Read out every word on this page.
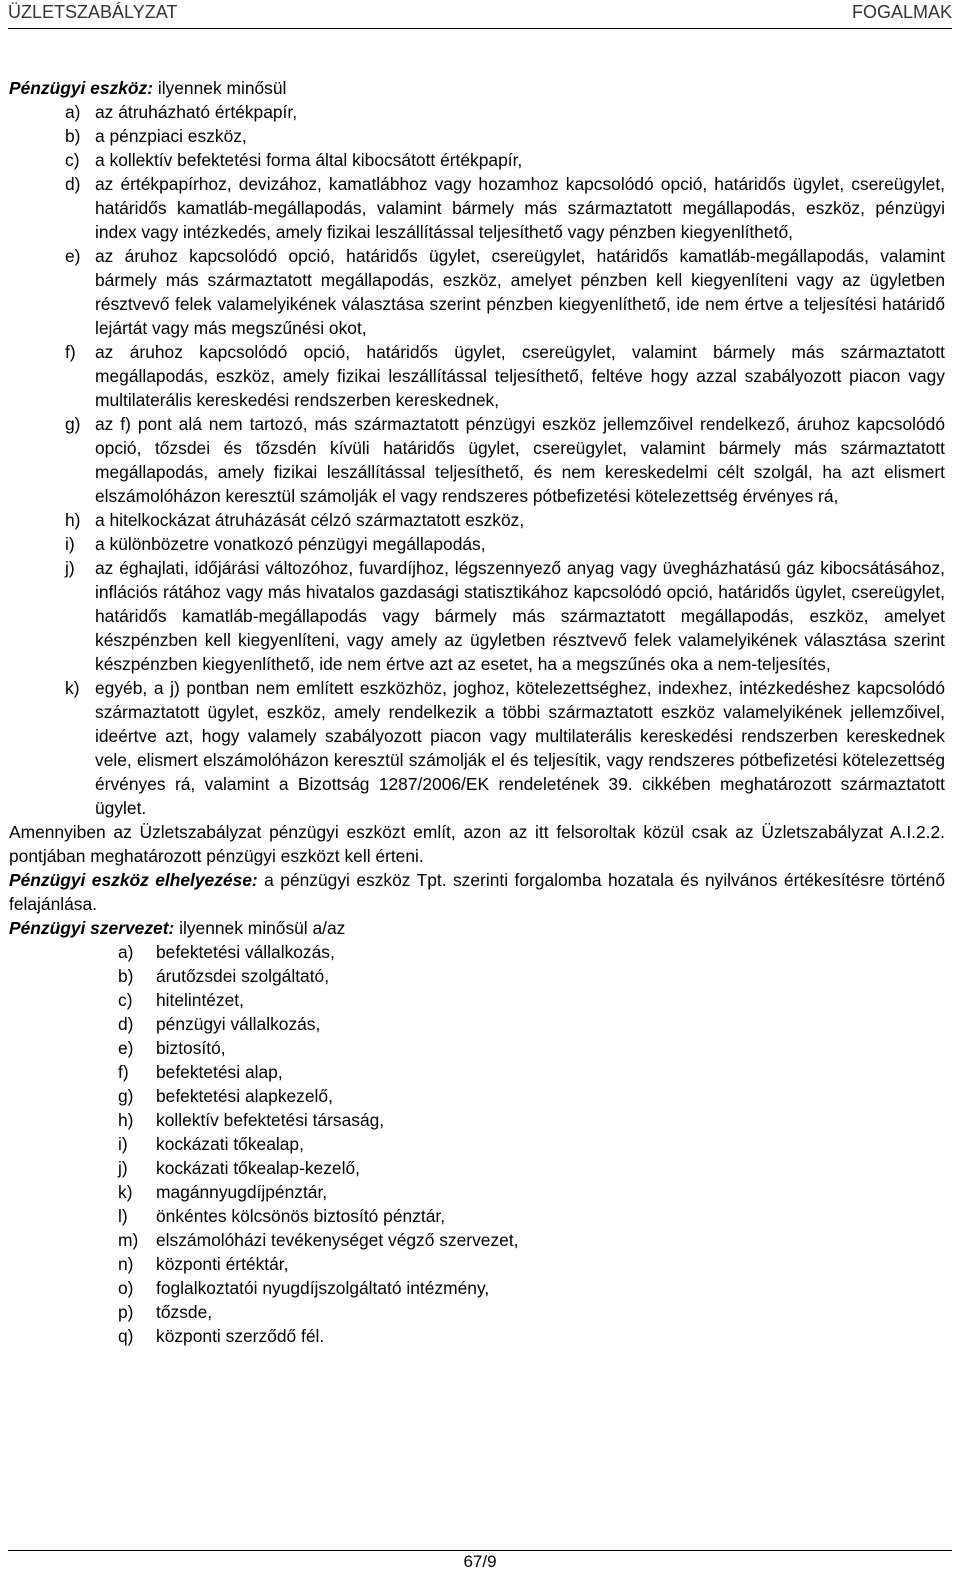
ÜZLETSZABÁLYZAT	FOGALMAK

Pénzügyi eszköz: ilyennek minősül

a) az átruházható értékpapír,
b) a pénzpiaci eszköz,
c) a kollektív befektetési forma által kibocsátott értékpapír,
d) az értékpapírhoz, devizához, kamatlábhoz vagy hozamhoz kapcsolódó opció, határidős ügylet, csereügylet, határidős kamatláb-megállapodás, valamint bármely más származtatott megállapodás, eszköz, pénzügyi index vagy intézkedés, amely fizikai leszállítással teljesíthető vagy pénzben kiegyenlíthető,
e) az áruhoz kapcsolódó opció, határidős ügylet, csereügylet, határidős kamatláb-megállapodás, valamint bármely más származtatott megállapodás, eszköz, amelyet pénzben kell kiegyenlíteni vagy az ügyletben résztvevő felek valamelyikének választása szerint pénzben kiegyenlíthető, ide nem értve a teljesítési határidő lejártát vagy más megszűnési okot,
f)	az áruhoz kapcsolódó opció, határidős ügylet, csereügylet, valamint bármely más származtatott megállapodás, eszköz, amely fizikai leszállítással teljesíthető, feltéve hogy azzal szabályozott piacon vagy multilaterális kereskedési rendszerben kereskednek,
g) az f) pont alá nem tartozó, más származtatott pénzügyi eszköz jellemzőivel rendelkező, áruhoz kapcsolódó opció, tőzsdei és tőzsdén kívüli határidős ügylet, csereügylet, valamint bármely más származtatott megállapodás, amely fizikai leszállítással teljesíthető, és nem kereskedelmi célt szolgál, ha azt elismert elszámolóházon keresztül számolják el vagy rendszeres pótbefizetési kötelezettség érvényes rá,
h) a hitelkockázat átruházását célzó származtatott eszköz,
i)	a különbözetre vonatkozó pénzügyi megállapodás,
j)	az éghajlati, időjárási változóhoz, fuvardíjhoz, légszennyező anyag vagy üvegházhatású gáz kibocsátásához, inflációs rátához vagy más hivatalos gazdasági statisztikához kapcsolódó opció, határidős ügylet, csereügylet, határidős kamatláb-megállapodás vagy bármely más származtatott megállapodás, eszköz, amelyet készpénzben kell kiegyenlíteni, vagy amely az ügyletben résztvevő felek valamelyikének választása szerint készpénzben kiegyenlíthető, ide nem értve azt az esetet, ha a megszűnés oka a nem-teljesítés,
k) egyéb, a j) pontban nem említett eszközhöz, joghoz, kötelezettséghez, indexhez, intézkedéshez kapcsolódó származtatott ügylet, eszköz, amely rendelkezik a többi származtatott eszköz valamelyikének jellemzőivel, ideértve azt, hogy valamely szabályozott piacon vagy multilaterális kereskedési rendszerben kereskednek vele, elismert elszámolóházon keresztül számolják el és teljesítik, vagy rendszeres pótbefizetési kötelezettség érvényes rá, valamint a Bizottság 1287/2006/EK rendeletének 39. cikkében meghatározott származtatott ügylet.

Amennyiben az Üzletszabályzat pénzügyi eszközt említ, azon az itt felsoroltak közül csak az Üzletszabályzat A.I.2.2. pontjában meghatározott pénzügyi eszközt kell érteni.

Pénzügyi eszköz elhelyezése: a pénzügyi eszköz Tpt. szerinti forgalomba hozatala és nyilvános értékesítésre történő felajánlása.

Pénzügyi szervezet: ilyennek minősül a/az

a)	befektetési vállalkozás,
b)	árutőzsdei szolgáltató,
c)	hitelintézet,
d)	pénzügyi vállalkozás,
e)	biztosító,
f)	befektetési alap,
g)	befektetési alapkezelő,
h)	kollektív befektetési társaság,
i)	kockázati tőkealap,
j)	kockázati tőkealap-kezelő,
k)	magánnyugdíjpénztár,
l)	önkéntes kölcsönös biztosító pénztár,
m)	elszámolóházi tevékenységet végző szervezet,
n)	központi értéktár,
o)	foglalkoztatói nyugdíjszolgáltató intézmény,
p)	tőzsde,
q)	központi szerződő fél.
67/9
